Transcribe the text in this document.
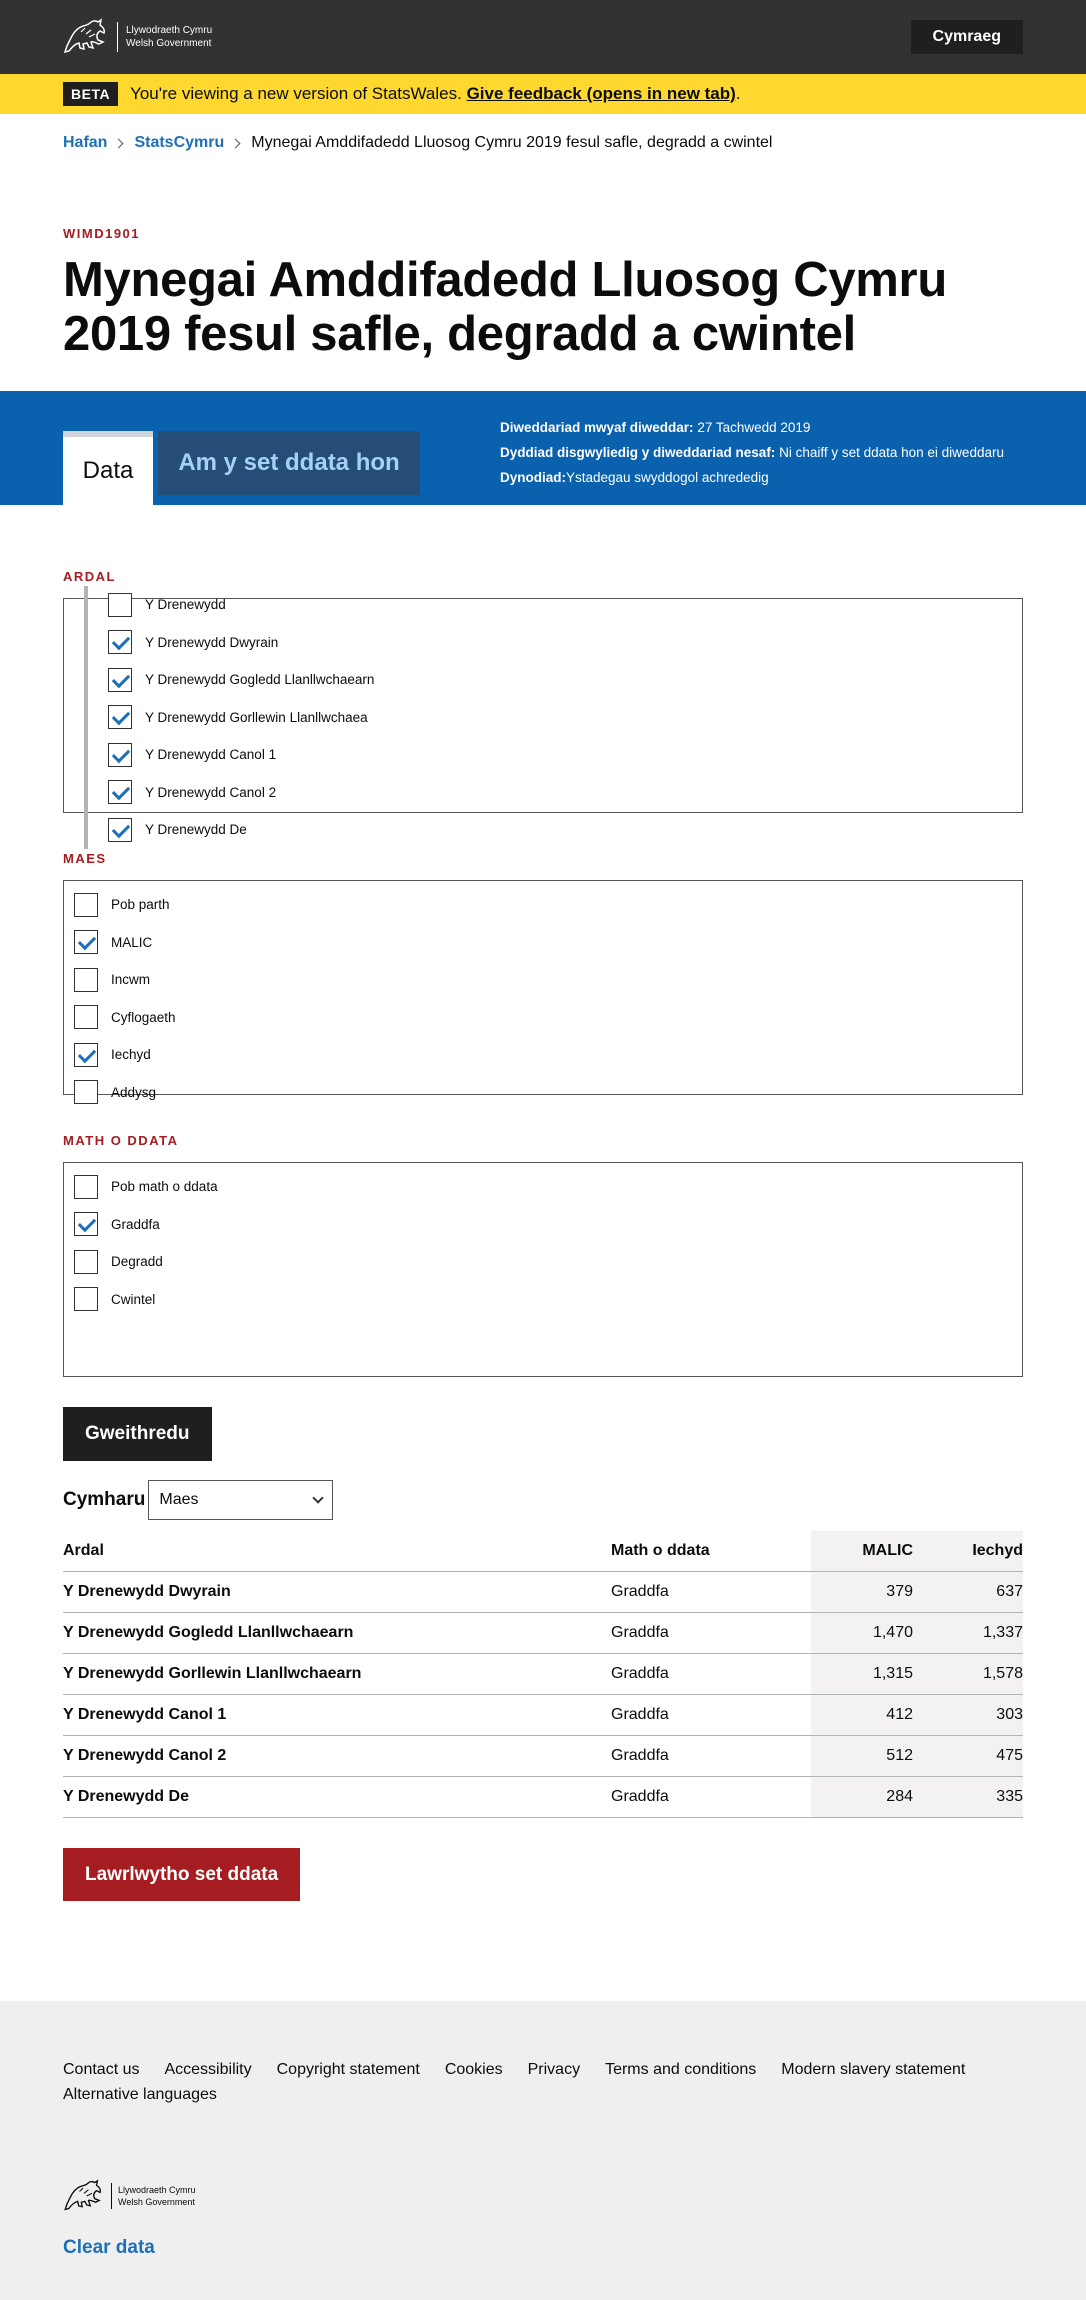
Llywodraeth Cymru
Welsh Government	Cymraeg
BETA	You're viewing a new version of StatsWales.
Give feedback (opens in new tab) .
Hafan StatsCymru Mynegai Amddifadedd Lluosog Cymru 2019 fesul safle, degradd a cwintel
WIMD1901
Mynegai Amddifadedd Lluosog Cymru 2019 fesul safle, degradd a cwintel
Data	Am y set ddata hon
Diweddariad mwyaf diweddar: 27 Tachwedd 2019
Dyddiad disgwyliedig y diweddariad nesaf: Ni chaiff y set ddata hon ei diweddaru
Dynodiad:Ystadegau swyddogol achrededig
ARDAL
Y Drenewydd
Y Drenewydd Dwyrain
Y Drenewydd Gogledd Llanllwchaearn
Y Drenewydd Gorllewin Llanllwchaea
Y Drenewydd Canol 1
Y Drenewydd Canol 2
Y Drenewydd De
MAES
Pob parth
MALIC
Incwm
Cyflogaeth
Iechyd
Addysg
MATH O DDATA
Pob math o ddata
Graddfa
Degradd
Cwintel
Gweithredu
Cymharu Maes
Ardal	Math o ddata	MALIC	Iechyd
Y Drenewydd Dwyrain	Graddfa	379	637
Y Drenewydd Gogledd Llanllwchaearn	Graddfa	1,470	1,337
Y Drenewydd Gorllewin Llanllwchaearn	Graddfa	1,315	1,578
Y Drenewydd Canol 1	Graddfa	412	303
Y Drenewydd Canol 2	Graddfa	512	475
Y Drenewydd De	Graddfa	284	335
Lawrlwytho set ddata
Contact us Accessibility Copyright statement Cookies Privacy Terms and conditions Modern slavery statement
Alternative languages
Llywodraeth Cymru
Welsh Government
Clear data
